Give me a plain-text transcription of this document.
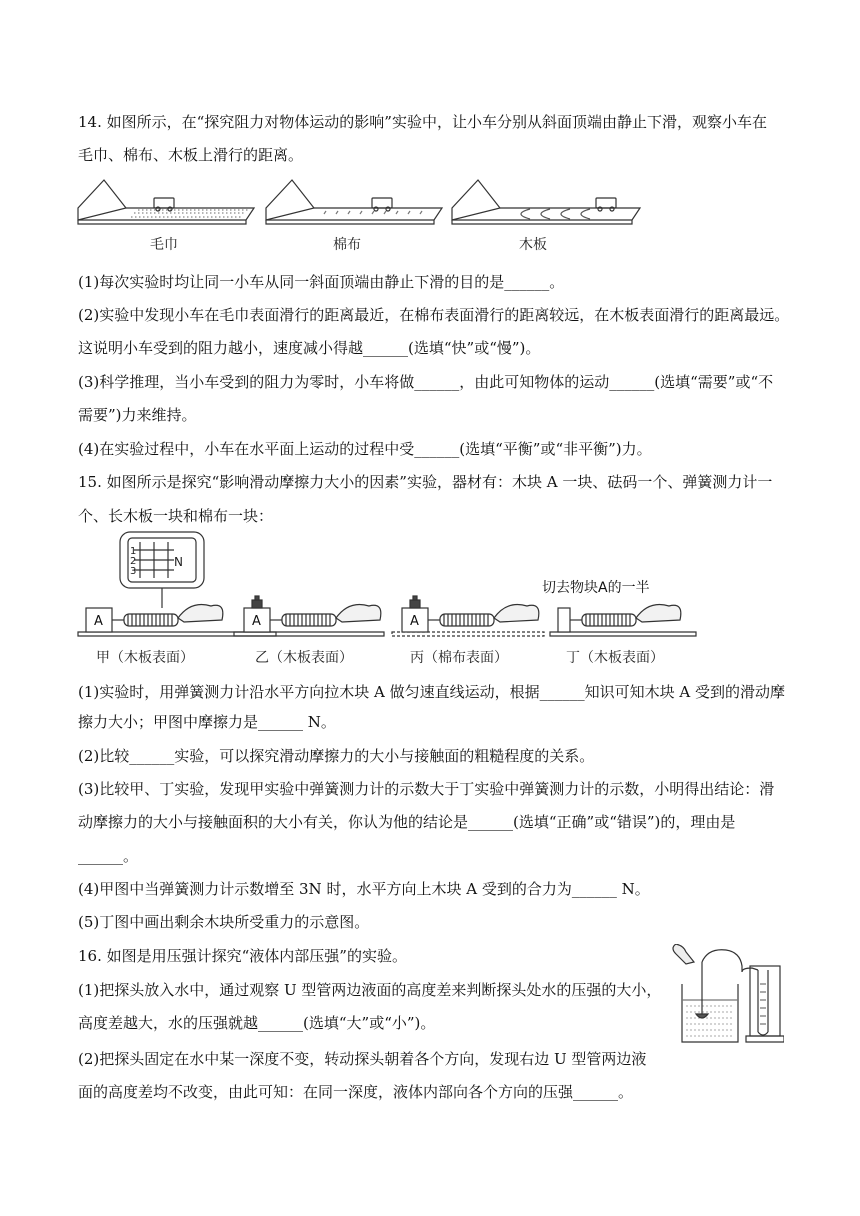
14. 如图所示，在“探究阻力对物体运动的影响”实验中，让小车分别从斜面顶端由静止下滑，观察小车在
毛巾、棉布、木板上滑行的距离。
毛巾	棉布	木板
(1)每次实验时均让同一小车从同一斜面顶端由静止下滑的目的是______。
(2)实验中发现小车在毛巾表面滑行的距离最近，在棉布表面滑行的距离较远，在木板表面滑行的距离最远。
这说明小车受到的阻力越小，速度减小得越______(选填“快”或“慢”)。
(3)科学推理，当小车受到的阻力为零时，小车将做______，由此可知物体的运动______(选填“需要”或“不
需要”)力来维持。
(4)在实验过程中，小车在水平面上运动的过程中受______(选填“平衡”或“非平衡”)力。
15. 如图所示是探究“影响滑动摩擦力大小的因素”实验，器材有：木块 A 一块、砝码一个、弹簧测力计一
个、长木板一块和棉布一块：
N
1
2
3
A	A	A
切去物块A的一半
甲（木板表面）	乙（木板表面）	丙（棉布表面）	丁（木板表面）
(1)实验时，用弹簧测力计沿水平方向拉木块 A 做匀速直线运动，根据______知识可知木块 A 受到的滑动摩
擦力大小；甲图中摩擦力是______ N。
(2)比较______实验，可以探究滑动摩擦力的大小与接触面的粗糙程度的关系。
(3)比较甲、丁实验，发现甲实验中弹簧测力计的示数大于丁实验中弹簧测力计的示数，小明得出结论：滑
动摩擦力的大小与接触面积的大小有关，你认为他的结论是______(选填“正确”或“错误”)的，理由是
______。
(4)甲图中当弹簧测力计示数增至 3N 时，水平方向上木块 A 受到的合力为______ N。
(5)丁图中画出剩余木块所受重力的示意图。
16. 如图是用压强计探究“液体内部压强”的实验。
(1)把探头放入水中，通过观察 U 型管两边液面的高度差来判断探头处水的压强的大小，
高度差越大，水的压强就越______(选填“大”或“小”)。
(2)把探头固定在水中某一深度不变，转动探头朝着各个方向，发现右边 U 型管两边液
面的高度差均不改变，由此可知：在同一深度，液体内部向各个方向的压强______。
